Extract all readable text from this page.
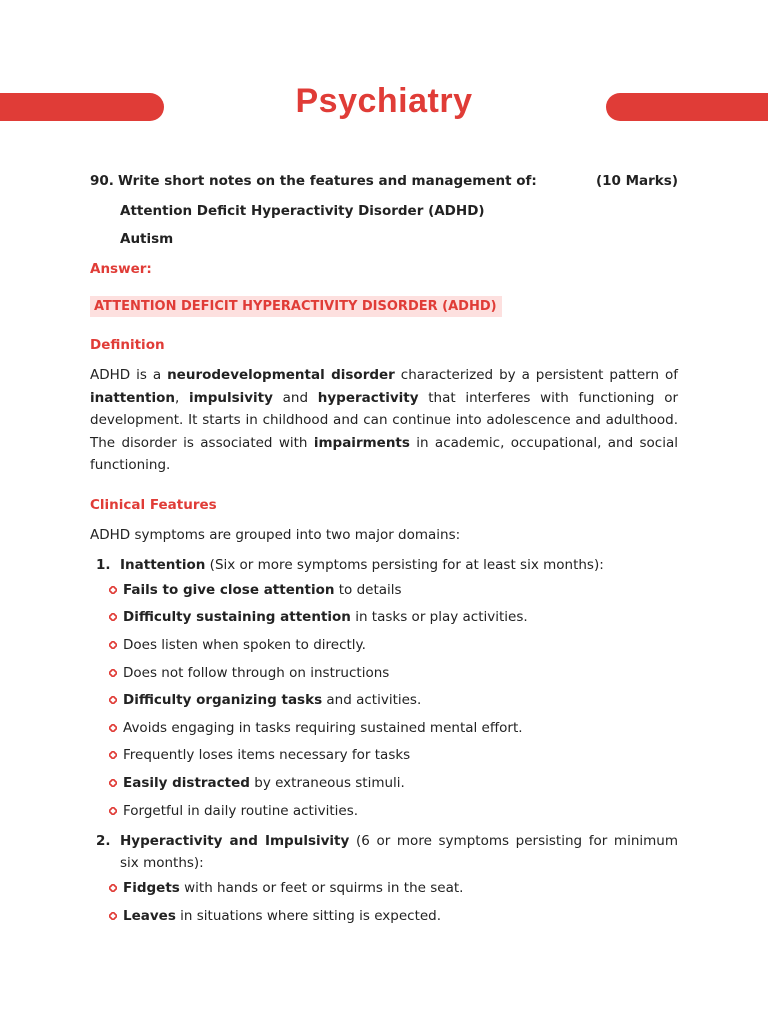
Psychiatry
90. Write short notes on the features and management of:	(10 Marks)
Attention Deficit Hyperactivity Disorder (ADHD)
Autism
Answer:
ATTENTION DEFICIT HYPERACTIVITY DISORDER (ADHD)
Definition
ADHD is a neurodevelopmental disorder characterized by a persistent pattern of inattention, impulsivity and hyperactivity that interferes with functioning or development. It starts in childhood and can continue into adolescence and adulthood. The disorder is associated with impairments in academic, occupational, and social functioning.
Clinical Features
ADHD symptoms are grouped into two major domains:
1. Inattention (Six or more symptoms persisting for at least six months):
Fails to give close attention to details
Difficulty sustaining attention in tasks or play activities.
Does listen when spoken to directly.
Does not follow through on instructions
Difficulty organizing tasks and activities.
Avoids engaging in tasks requiring sustained mental effort.
Frequently loses items necessary for tasks
Easily distracted by extraneous stimuli.
Forgetful in daily routine activities.
2. Hyperactivity and Impulsivity (6 or more symptoms persisting for minimum six months):
Fidgets with hands or feet or squirms in the seat.
Leaves in situations where sitting is expected.
